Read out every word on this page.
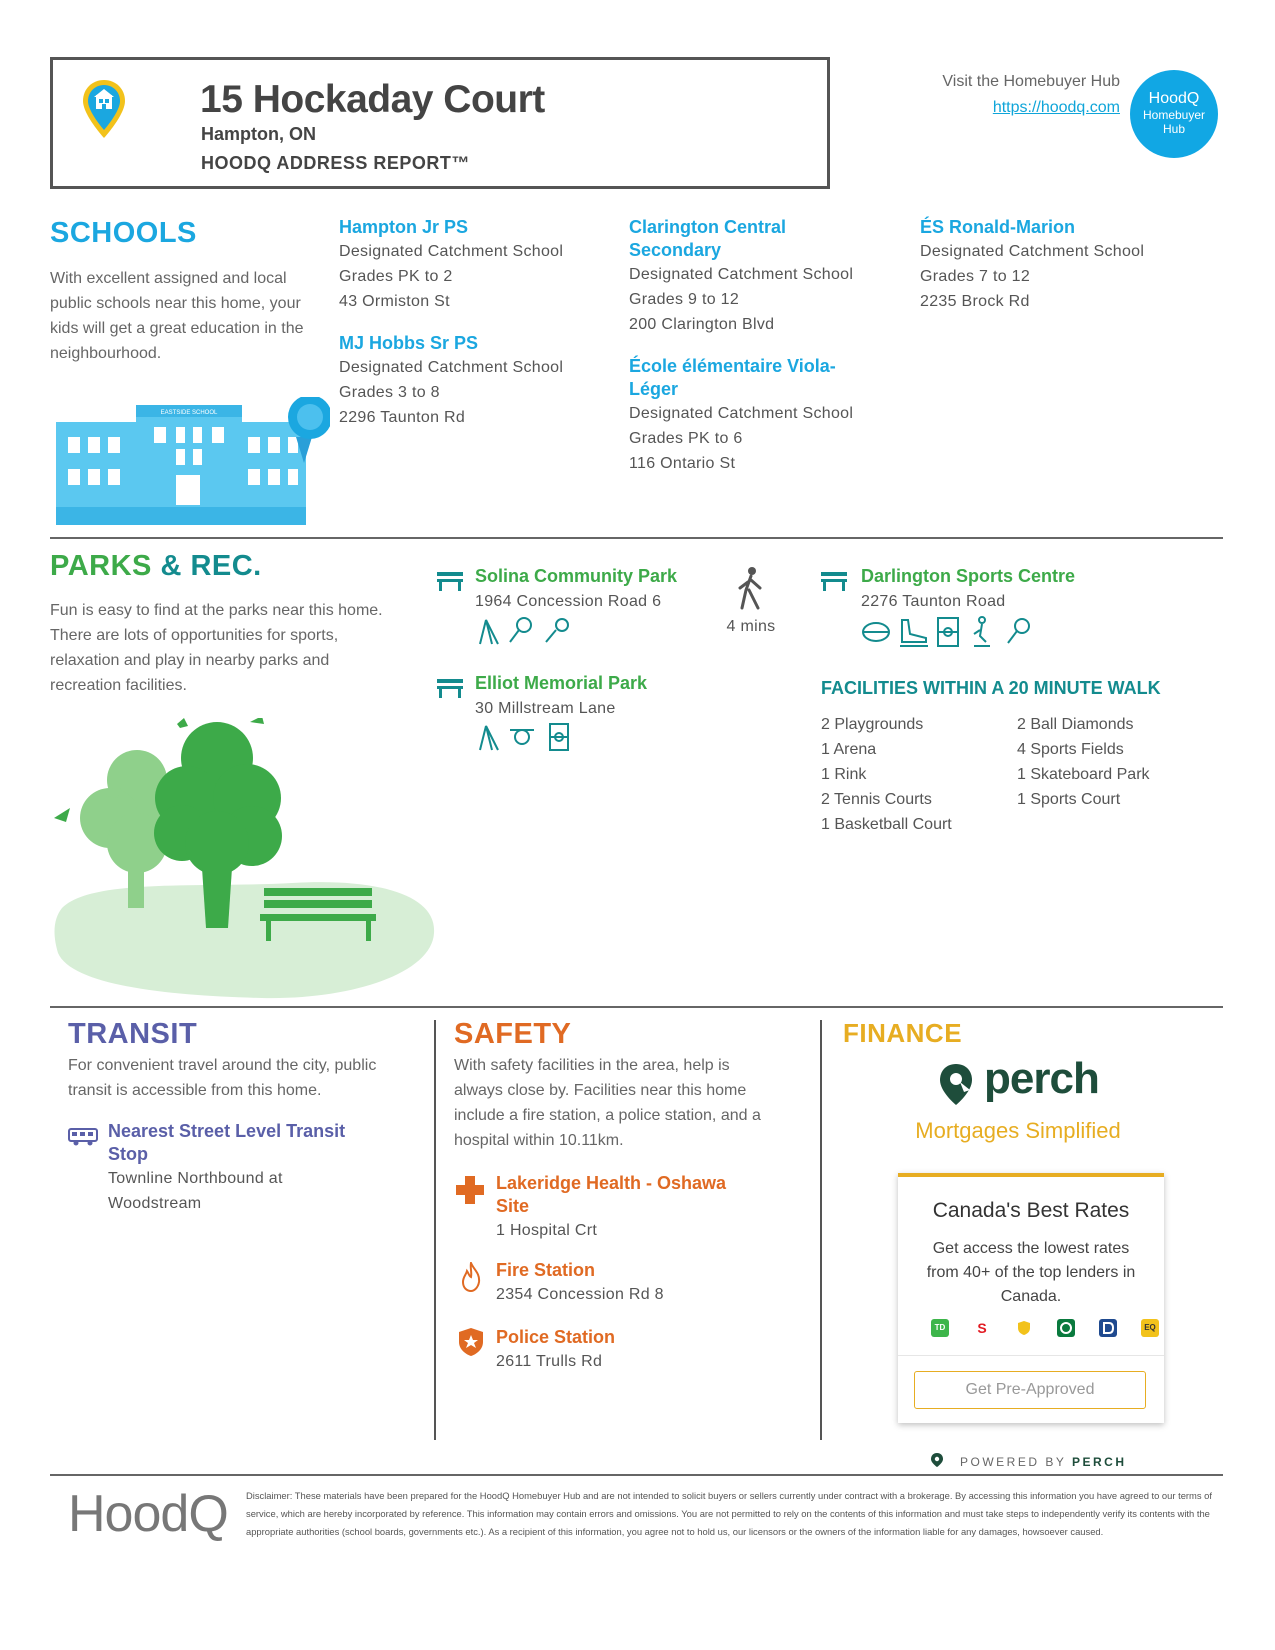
15 Hockaday Court
Hampton, ON
HOODQ ADDRESS REPORT™
Visit the Homebuyer Hub
https://hoodq.com
HoodQ
Homebuyer
Hub
SCHOOLS
With excellent assigned and local
public schools near this home, your
kids will get a great education in the
neighbourhood.
EASTSIDE SCHOOL
Hampton Jr PS
Designated Catchment School
Grades PK to 2
43 Ormiston St
MJ Hobbs Sr PS
Designated Catchment School
Grades 3 to 8
2296 Taunton Rd
Clarington Central
Secondary
Designated Catchment School
Grades 9 to 12
200 Clarington Blvd
École élémentaire Viola-
Léger
Designated Catchment School
Grades PK to 6
116 Ontario St
ÉS Ronald-Marion
Designated Catchment School
Grades 7 to 12
2235 Brock Rd
PARKS & REC.
Fun is easy to find at the parks near this home.
There are lots of opportunities for sports,
relaxation and play in nearby parks and
recreation facilities.
Solina Community Park
1964 Concession Road 6
Elliot Memorial Park
30 Millstream Lane
4 mins
Darlington Sports Centre
2276 Taunton Road
FACILITIES WITHIN A 20 MINUTE WALK
2 Playgrounds	2 Ball Diamonds
1 Arena	4 Sports Fields
1 Rink	1 Skateboard Park
2 Tennis Courts	1 Sports Court
1 Basketball Court
TRANSIT
For convenient travel around the city, public
transit is accessible from this home.
Nearest Street Level Transit
Stop
Townline Northbound at
Woodstream
SAFETY
With safety facilities in the area, help is
always close by. Facilities near this home
include a fire station, a police station, and a
hospital within 10.11km.
Lakeridge Health - Oshawa
Site
1 Hospital Crt
Fire Station
2354 Concession Rd 8
Police Station
2611 Trulls Rd
FINANCE
perch
Mortgages Simplified
Canada's Best Rates
Get access the lowest rates from 40+ of the top lenders in Canada.
TD	S	EQ
Get Pre-Approved
POWERED BY PERCH
HoodQ Disclaimer: These materials have been prepared for the HoodQ Homebuyer Hub and are not intended to solicit buyers or sellers currently under contract with a brokerage. By accessing this information you have agreed to our terms of service, which are hereby incorporated by reference. This information may contain errors and omissions. You are not permitted to rely on the contents of this information and must take steps to independently verify its contents with the appropriate authorities (school boards, governments etc.). As a recipient of this information, you agree not to hold us, our licensors or the owners of the information liable for any damages, howsoever caused.
